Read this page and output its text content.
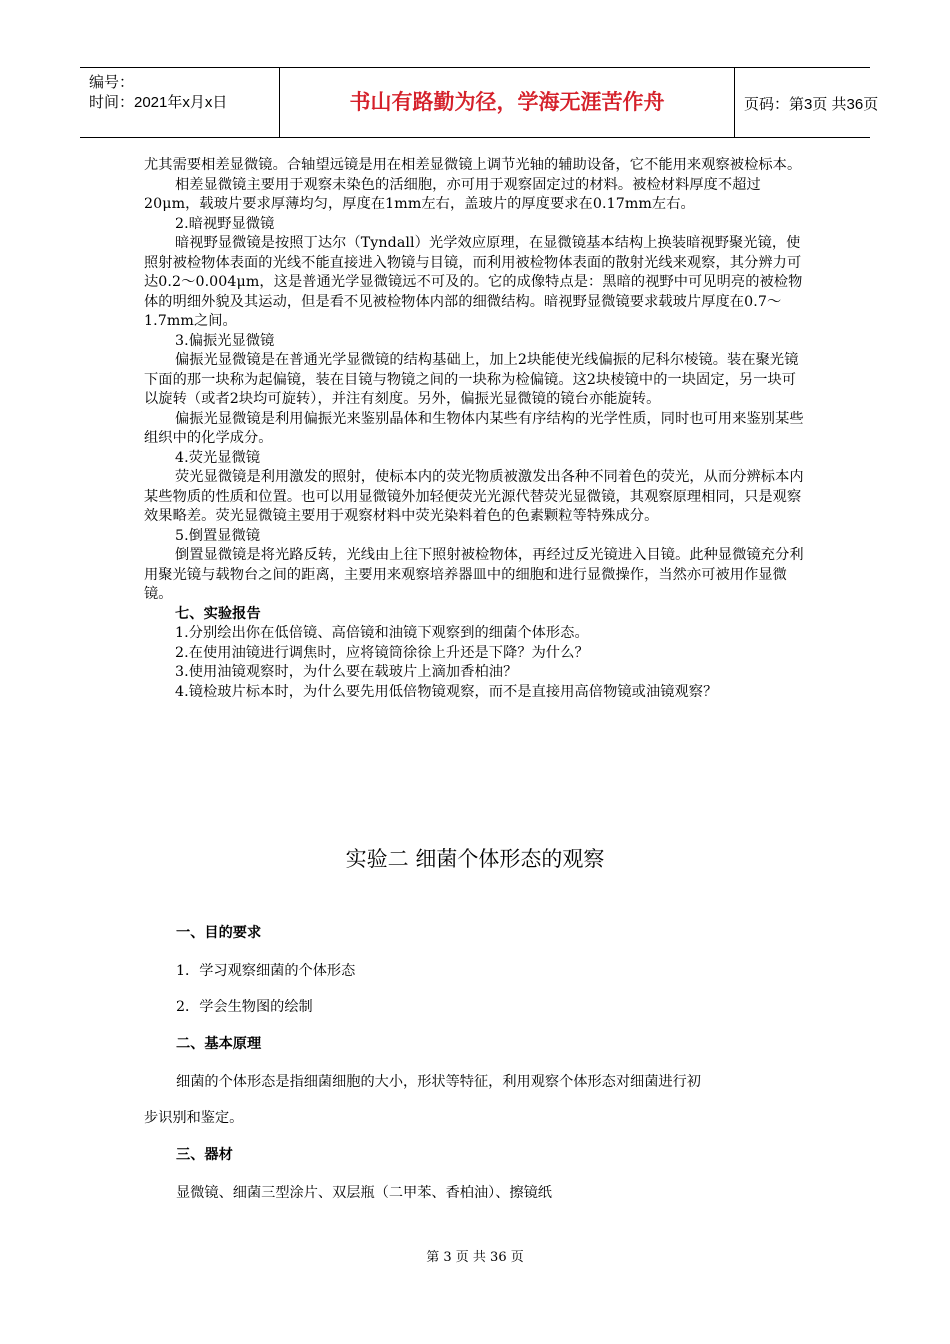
编号：
时间：2021年x月x日	书山有路勤为径，学海无涯苦作舟	页码：第3页 共36页

尤其需要相差显微镜。合轴望远镜是用在相差显微镜上调节光轴的辅助设备，它不能用来观察被检标本。

相差显微镜主要用于观察未染色的活细胞，亦可用于观察固定过的材料。被检材料厚度不超过20μm，载玻片要求厚薄均匀，厚度在1mm左右，盖玻片的厚度要求在0.17mm左右。

2.暗视野显微镜

暗视野显微镜是按照丁达尔（Tyndall）光学效应原理，在显微镜基本结构上换装暗视野聚光镜，使照射被检物体表面的光线不能直接进入物镜与目镜，而利用被检物体表面的散射光线来观察，其分辨力可达0.2～0.004μm，这是普通光学显微镜远不可及的。它的成像特点是：黑暗的视野中可见明亮的被检物体的明细外貌及其运动，但是看不见被检物体内部的细微结构。暗视野显微镜要求载玻片厚度在0.7～1.7mm之间。

3.偏振光显微镜

偏振光显微镜是在普通光学显微镜的结构基础上，加上2块能使光线偏振的尼科尔棱镜。装在聚光镜下面的那一块称为起偏镜，装在目镜与物镜之间的一块称为检偏镜。这2块棱镜中的一块固定，另一块可以旋转（或者2块均可旋转），并注有刻度。另外，偏振光显微镜的镜台亦能旋转。

偏振光显微镜是利用偏振光来鉴别晶体和生物体内某些有序结构的光学性质，同时也可用来鉴别某些组织中的化学成分。

4.荧光显微镜

荧光显微镜是利用激发的照射，使标本内的荧光物质被激发出各种不同着色的荧光，从而分辨标本内某些物质的性质和位置。也可以用显微镜外加轻便荧光光源代替荧光显微镜，其观察原理相同，只是观察效果略差。荧光显微镜主要用于观察材料中荧光染料着色的色素颗粒等特殊成分。

5.倒置显微镜

倒置显微镜是将光路反转，光线由上往下照射被检物体，再经过反光镜进入目镜。此种显微镜充分利用聚光镜与载物台之间的距离，主要用来观察培养器皿中的细胞和进行显微操作，当然亦可被用作显微镜。

七、实验报告

1.分别绘出你在低倍镜、高倍镜和油镜下观察到的细菌个体形态。

2.在使用油镜进行调焦时，应将镜筒徐徐上升还是下降？为什么？

3.使用油镜观察时，为什么要在载玻片上滴加香柏油？

4.镜检玻片标本时，为什么要先用低倍物镜观察，而不是直接用高倍物镜或油镜观察？

实验二 细菌个体形态的观察
一、目的要求
1．学习观察细菌的个体形态
2．学会生物图的绘制
二、基本原理
细菌的个体形态是指细菌细胞的大小，形状等特征，利用观察个体形态对细菌进行初
步识别和鉴定。
三、器材
显微镜、细菌三型涂片、双层瓶（二甲苯、香柏油）、擦镜纸
第 3 页 共 36 页
